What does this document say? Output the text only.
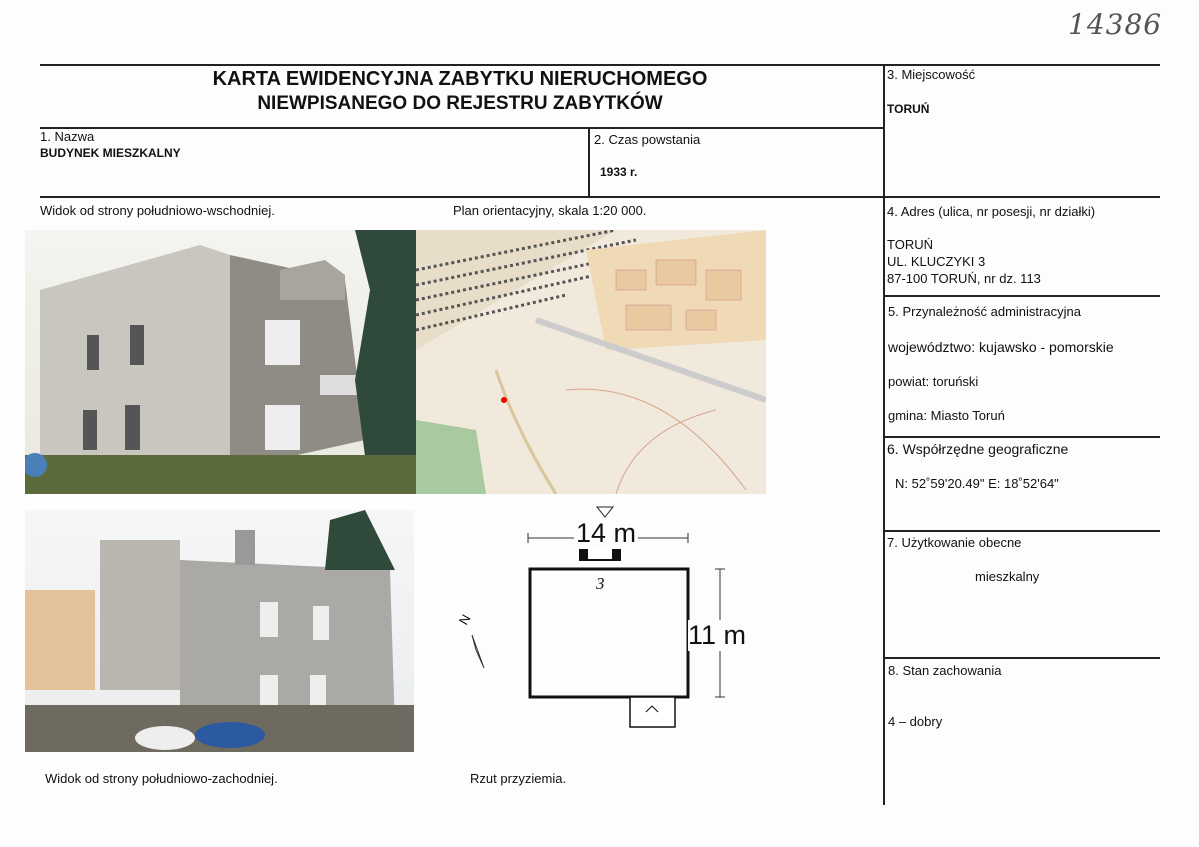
14386
KARTA EWIDENCYJNA ZABYTKU NIERUCHOMEGO
NIEWPISANEGO DO REJESTRU ZABYTKÓW
1. Nazwa
BUDYNEK MIESZKALNY
2. Czas powstania
1933 r.
3. Miejscowość
TORUŃ
4. Adres (ulica, nr posesji, nr działki)
TORUŃ
UL. KLUCZYKI 3
87-100 TORUŃ, nr dz. 113
5. Przynależność administracyjna
województwo: kujawsko - pomorskie
powiat: toruński
gmina: Miasto Toruń
6. Współrzędne geograficzne
N: 52˚59'20.49" E: 18˚52'64"
7. Użytkowanie obecne
mieszkalny
8. Stan zachowania
4 – dobry
Widok od strony południowo-wschodniej.	Plan orientacyjny, skala 1:20 000.
Widok od strony południowo-zachodniej.	Rzut przyziemia.
14 m
11 m
3
N
